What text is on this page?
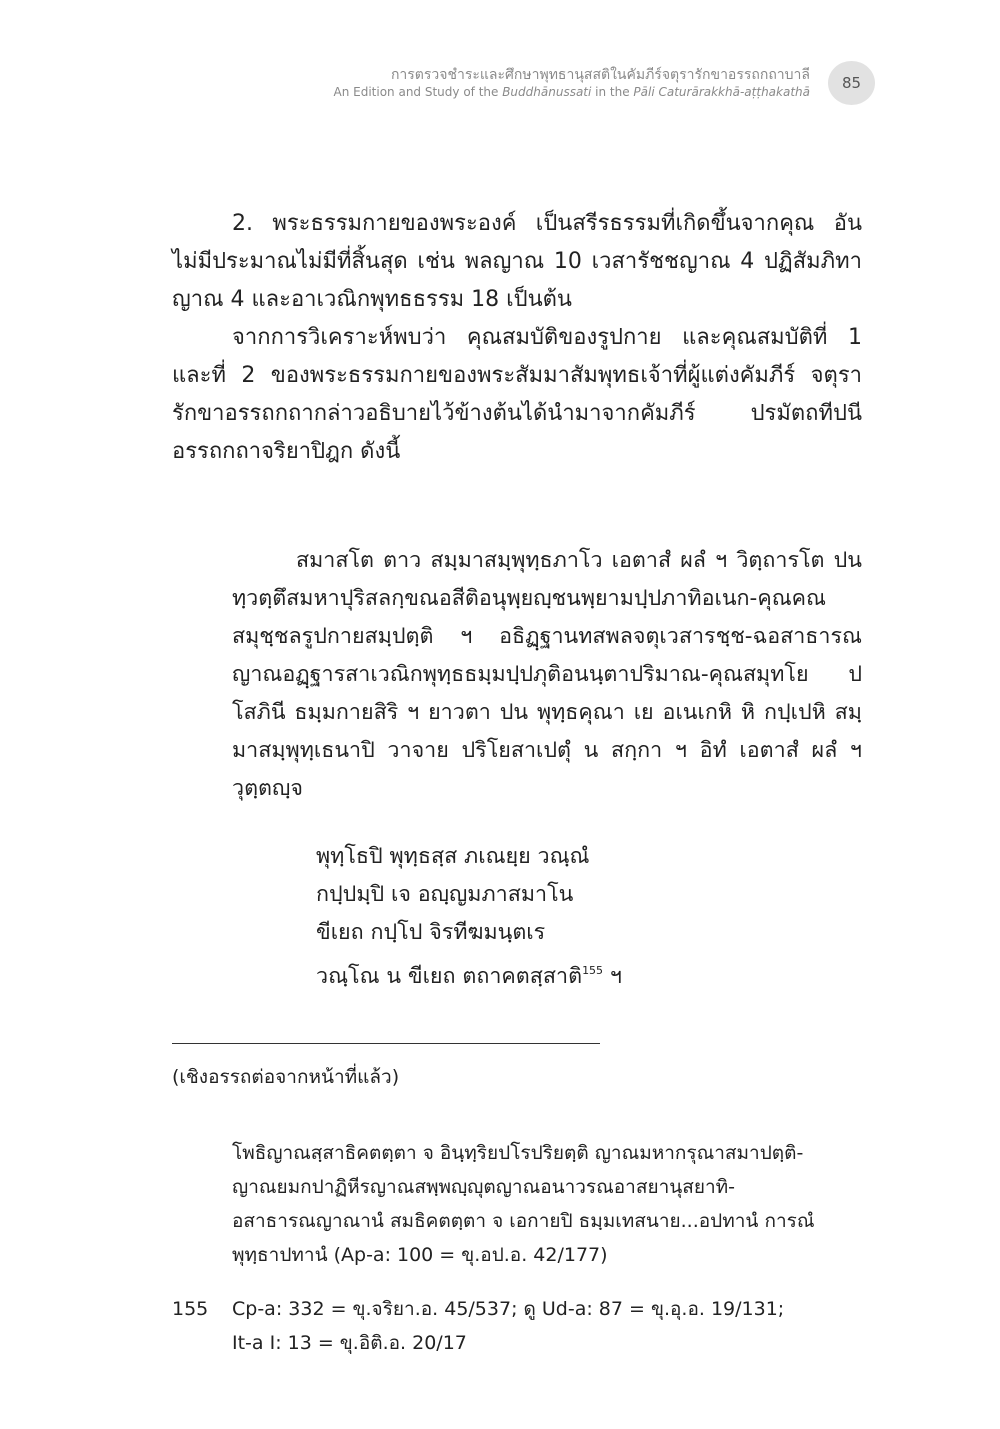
การตรวจชำระและศึกษาพุทธานุสสติในคัมภีร์จตุรารักขาอรรถกถาบาลี
An Edition and Study of the Buddhānussati in the Pāli Caturārakkhā-aṭṭhakathā	85

2. พระธรรมกายของพระองค์ เป็นสรีรธรรมที่เกิดขึ้นจากคุณ อันไม่มีประมาณไม่มีที่สิ้นสุด เช่น พลญาณ 10 เวสารัชชญาณ 4 ปฏิสัมภิทาญาณ 4 และอาเวณิกพุทธธรรม 18 เป็นต้น

จากการวิเคราะห์พบว่า คุณสมบัติของรูปกาย และคุณสมบัติที่ 1 และที่ 2 ของพระธรรมกายของพระสัมมาสัมพุทธเจ้าที่ผู้แต่งคัมภีร์ จตุรารักขาอรรถกถากล่าวอธิบายไว้ข้างต้นได้นำมาจากคัมภีร์ ปรมัตถทีปนี อรรถกถาจริยาปิฎก ดังนี้

สมาสโต ตาว สมฺมาสมฺพุทฺธภาโว เอตาสํ ผลํ ฯ วิตฺถารโต ปน ทฺวตฺตึสมหาปุริสลกฺขณอสีติอนุพฺยญฺชนพฺยามปฺปภาทิอเนก-คุณคณสมุชฺชลรูปกายสมฺปตฺติ ฯ อธิฏฺฐานทสพลจตุเวสารชฺช-ฉอสาธารณญาณอฏฺฐารสาเวณิกพุทฺธธมฺมปฺปภุติอนนฺตาปริมาณ-คุณสมุทโย ปโสภินี ธมฺมกายสิริ ฯ ยาวตา ปน พุทฺธคุณา เย อเนเกหิ หิ กปฺเปหิ สมฺมาสมฺพุทฺเธนาปิ วาจาย ปริโยสาเปตุํ น สกฺกา ฯ อิทํ เอตาสํ ผลํ ฯ วุตฺตญฺจ

พุทฺโธปิ พุทฺธสฺส ภเณยฺย วณฺณํ
กปฺปมฺปิ เจ อญฺญมภาสมาโน
ขีเยถ กปฺโป จิรทีฆมนฺตเร
วณฺโณ น ขีเยถ ตถาคตสฺสาติ$^{155}$ ฯ
(เชิงอรรถต่อจากหน้าที่แล้ว)
โพธิญาณสฺสาธิคตตฺตา จ อินฺทฺริยปโรปริยตฺติ ญาณมหากรุณาสมาปตฺติ-
ญาณยมกปาฏิหีรญาณสพฺพญฺญุตญาณอนาวรณอาสยานุสยาทิ-
อสาธารณญาณานํ สมธิคตตฺตา จ เอกายปิ ธมฺมเทสนาย...อปทานํ การณํ
พุทฺธาปทานํ (Ap-a: 100 = ขุ.อป.อ. 42/177)
155 Cp-a: 332 = ขุ.จริยา.อ. 45/537; ดู Ud-a: 87 = ขุ.อุ.อ. 19/131;
It-a I: 13 = ขุ.อิติ.อ. 20/17
